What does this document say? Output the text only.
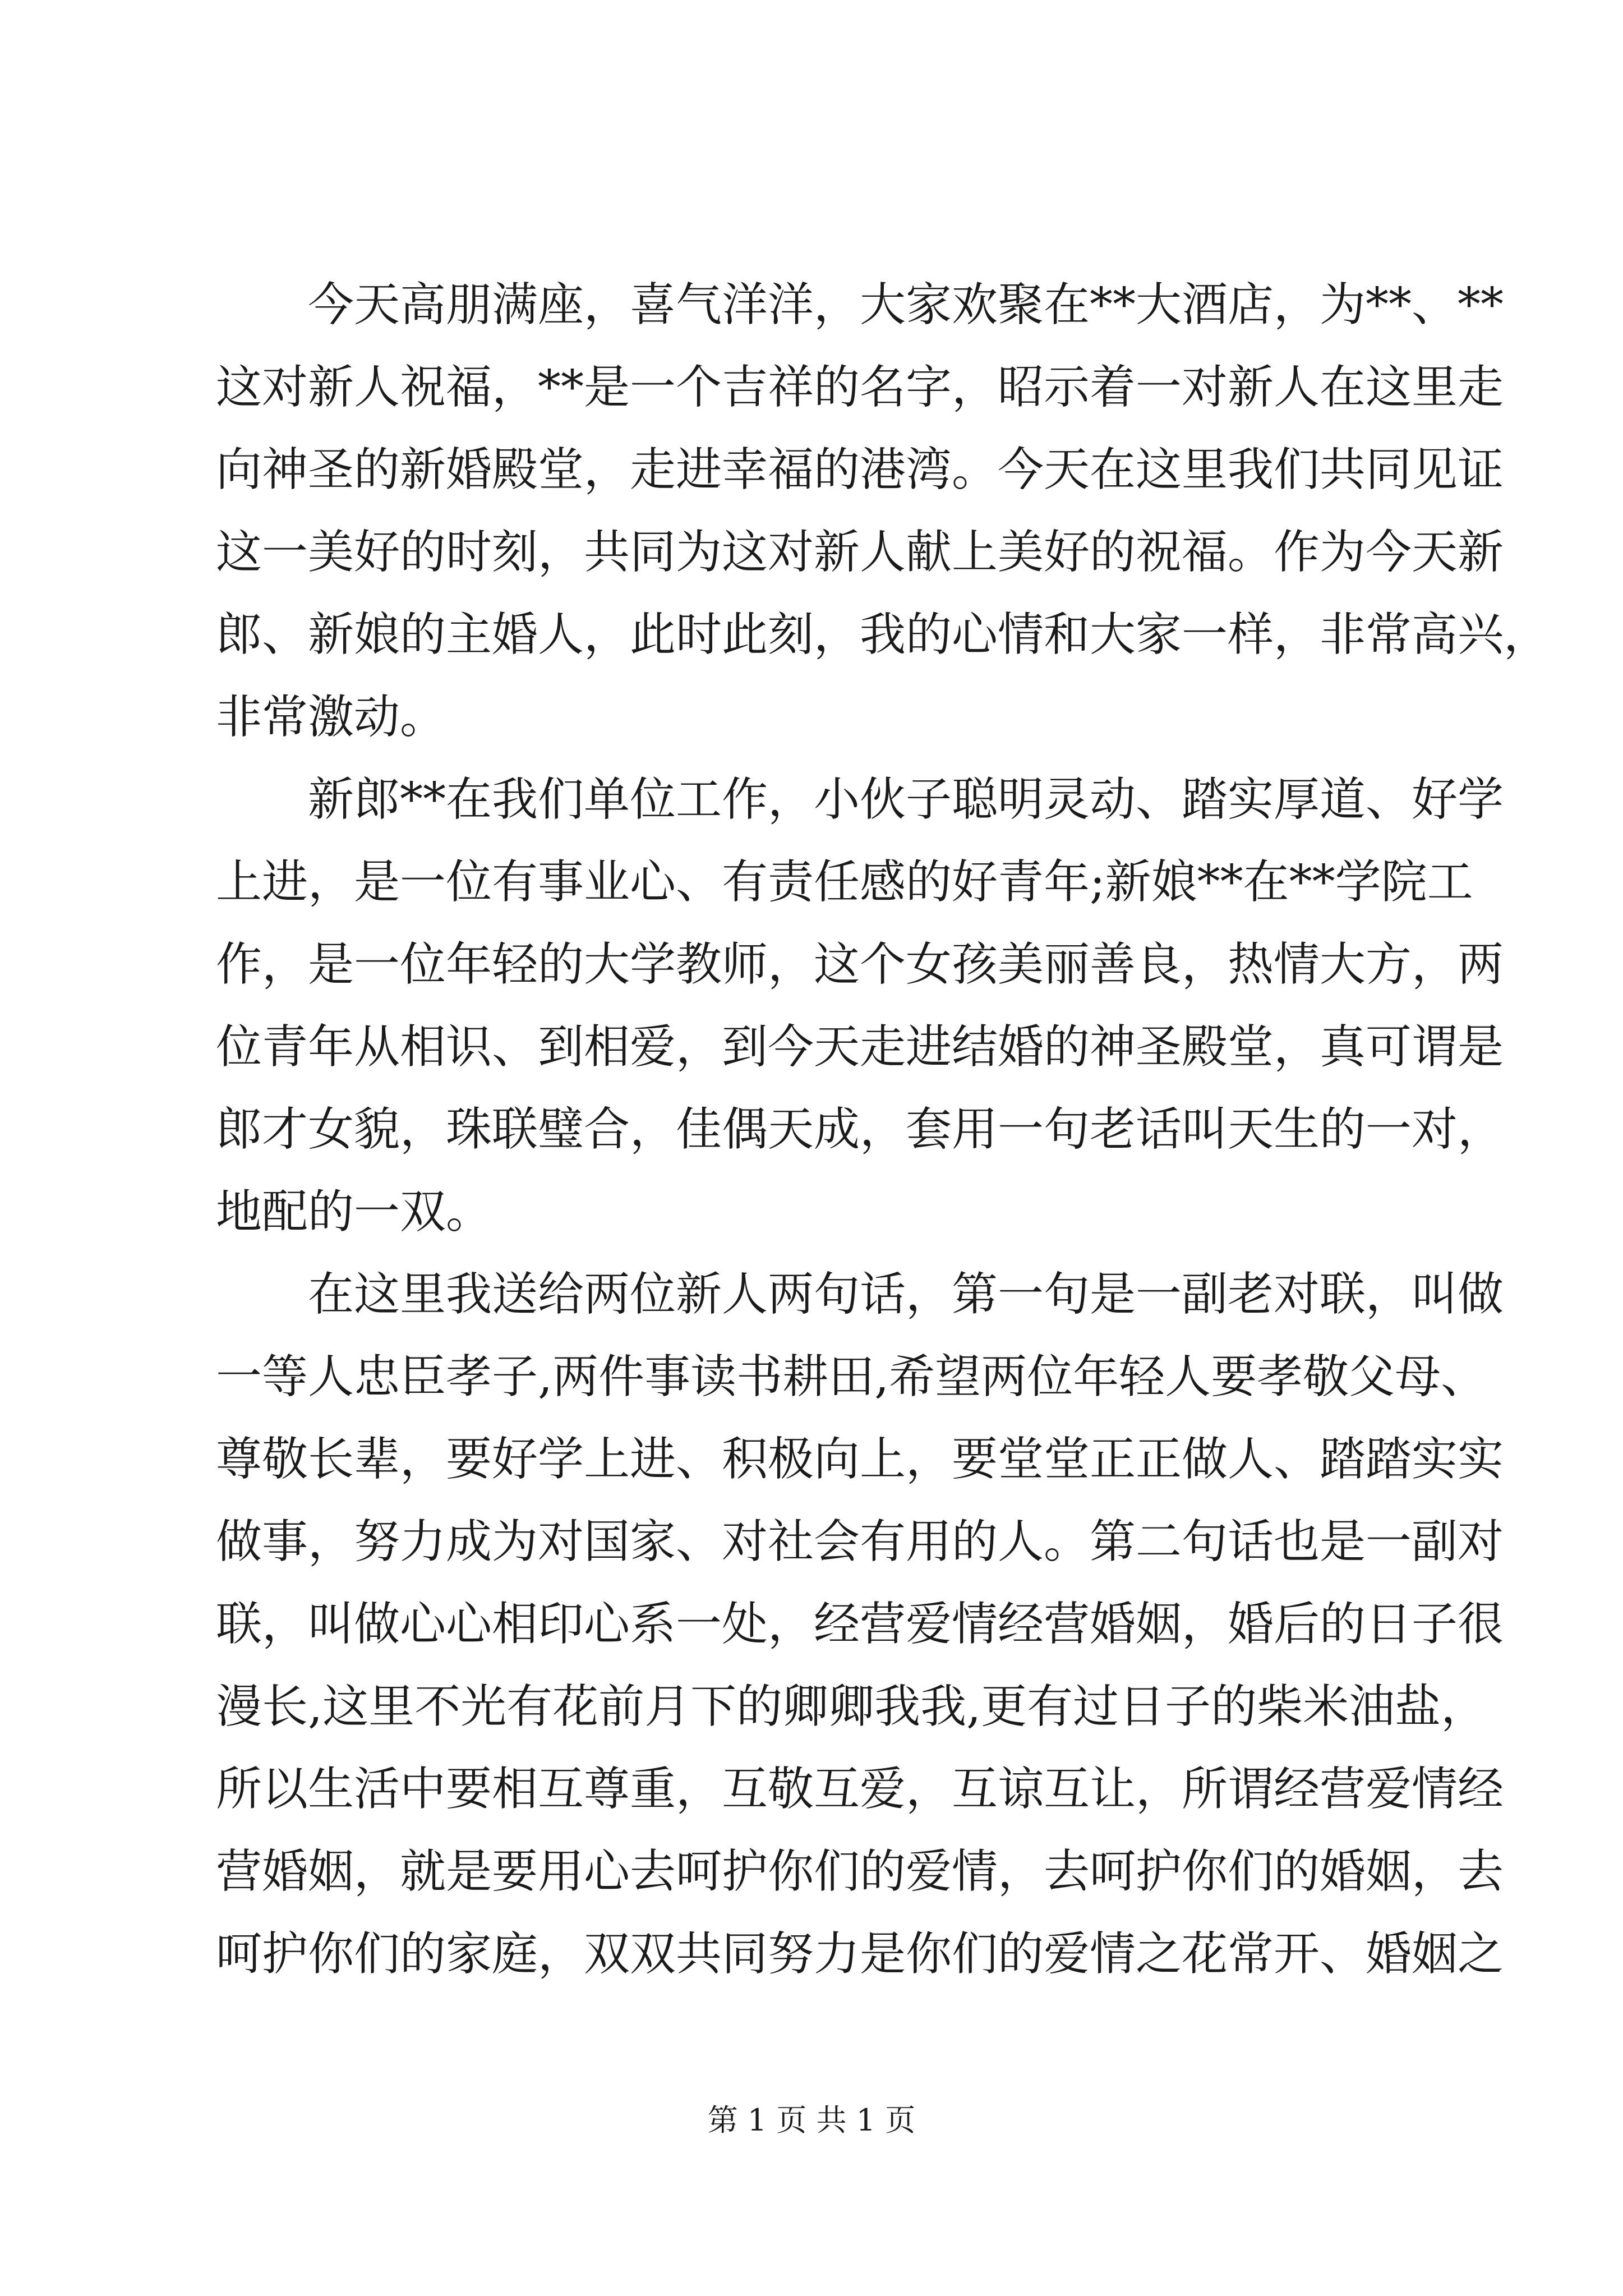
今天高朋满座，喜气洋洋，大家欢聚在**大酒店，为**、**
这对新人祝福，**是一个吉祥的名字，昭示着一对新人在这里走
向神圣的新婚殿堂，走进幸福的港湾。今天在这里我们共同见证
这一美好的时刻，共同为这对新人献上美好的祝福。作为今天新
郎、新娘的主婚人，此时此刻，我的心情和大家一样，非常高兴，
非常激动。
新郎**在我们单位工作，小伙子聪明灵动、踏实厚道、好学
上进，是一位有事业心、有责任感的好青年;新娘**在**学院工
作，是一位年轻的大学教师，这个女孩美丽善良，热情大方，两
位青年从相识、到相爱，到今天走进结婚的神圣殿堂，真可谓是
郎才女貌，珠联璧合，佳偶天成，套用一句老话叫天生的一对，
地配的一双。
在这里我送给两位新人两句话，第一句是一副老对联，叫做
一等人忠臣孝子,两件事读书耕田,希望两位年轻人要孝敬父母、
尊敬长辈，要好学上进、积极向上，要堂堂正正做人、踏踏实实
做事，努力成为对国家、对社会有用的人。第二句话也是一副对
联，叫做心心相印心系一处，经营爱情经营婚姻，婚后的日子很
漫长,这里不光有花前月下的卿卿我我,更有过日子的柴米油盐，
所以生活中要相互尊重，互敬互爱，互谅互让，所谓经营爱情经
营婚姻，就是要用心去呵护你们的爱情，去呵护你们的婚姻，去
呵护你们的家庭，双双共同努力是你们的爱情之花常开、婚姻之
第 1 页 共 1 页
